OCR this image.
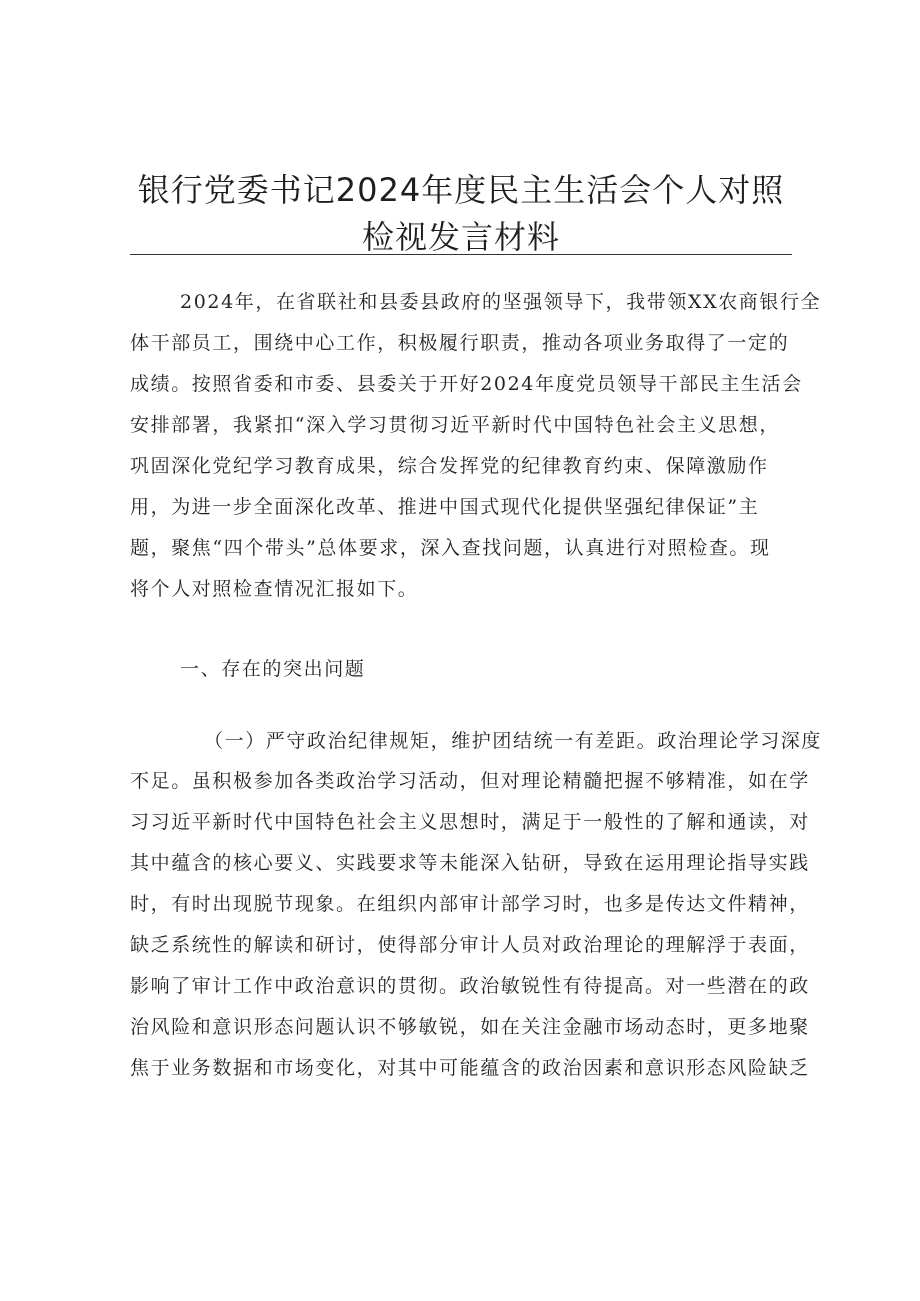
银行党委书记2024年度民主生活会个人对照
检视发言材料
2024年，在省联社和县委县政府的坚强领导下，我带领XX农商银行全
体干部员工，围绕中心工作，积极履行职责，推动各项业务取得了一定的
成绩。按照省委和市委、县委关于开好2024年度党员领导干部民主生活会
安排部署，我紧扣“深入学习贯彻习近平新时代中国特色社会主义思想，
巩固深化党纪学习教育成果，综合发挥党的纪律教育约束、保障激励作
用，为进一步全面深化改革、推进中国式现代化提供坚强纪律保证”主
题，聚焦“四个带头”总体要求，深入查找问题，认真进行对照检查。现
将个人对照检查情况汇报如下。
一、存在的突出问题
（一）严守政治纪律规矩，维护团结统一有差距。政治理论学习深度
不足。虽积极参加各类政治学习活动，但对理论精髓把握不够精准，如在学
习习近平新时代中国特色社会主义思想时，满足于一般性的了解和通读，对
其中蕴含的核心要义、实践要求等未能深入钻研，导致在运用理论指导实践
时，有时出现脱节现象。在组织内部审计部学习时，也多是传达文件精神，
缺乏系统性的解读和研讨，使得部分审计人员对政治理论的理解浮于表面，
影响了审计工作中政治意识的贯彻。政治敏锐性有待提高。对一些潜在的政
治风险和意识形态问题认识不够敏锐，如在关注金融市场动态时，更多地聚
焦于业务数据和市场变化，对其中可能蕴含的政治因素和意识形态风险缺乏
